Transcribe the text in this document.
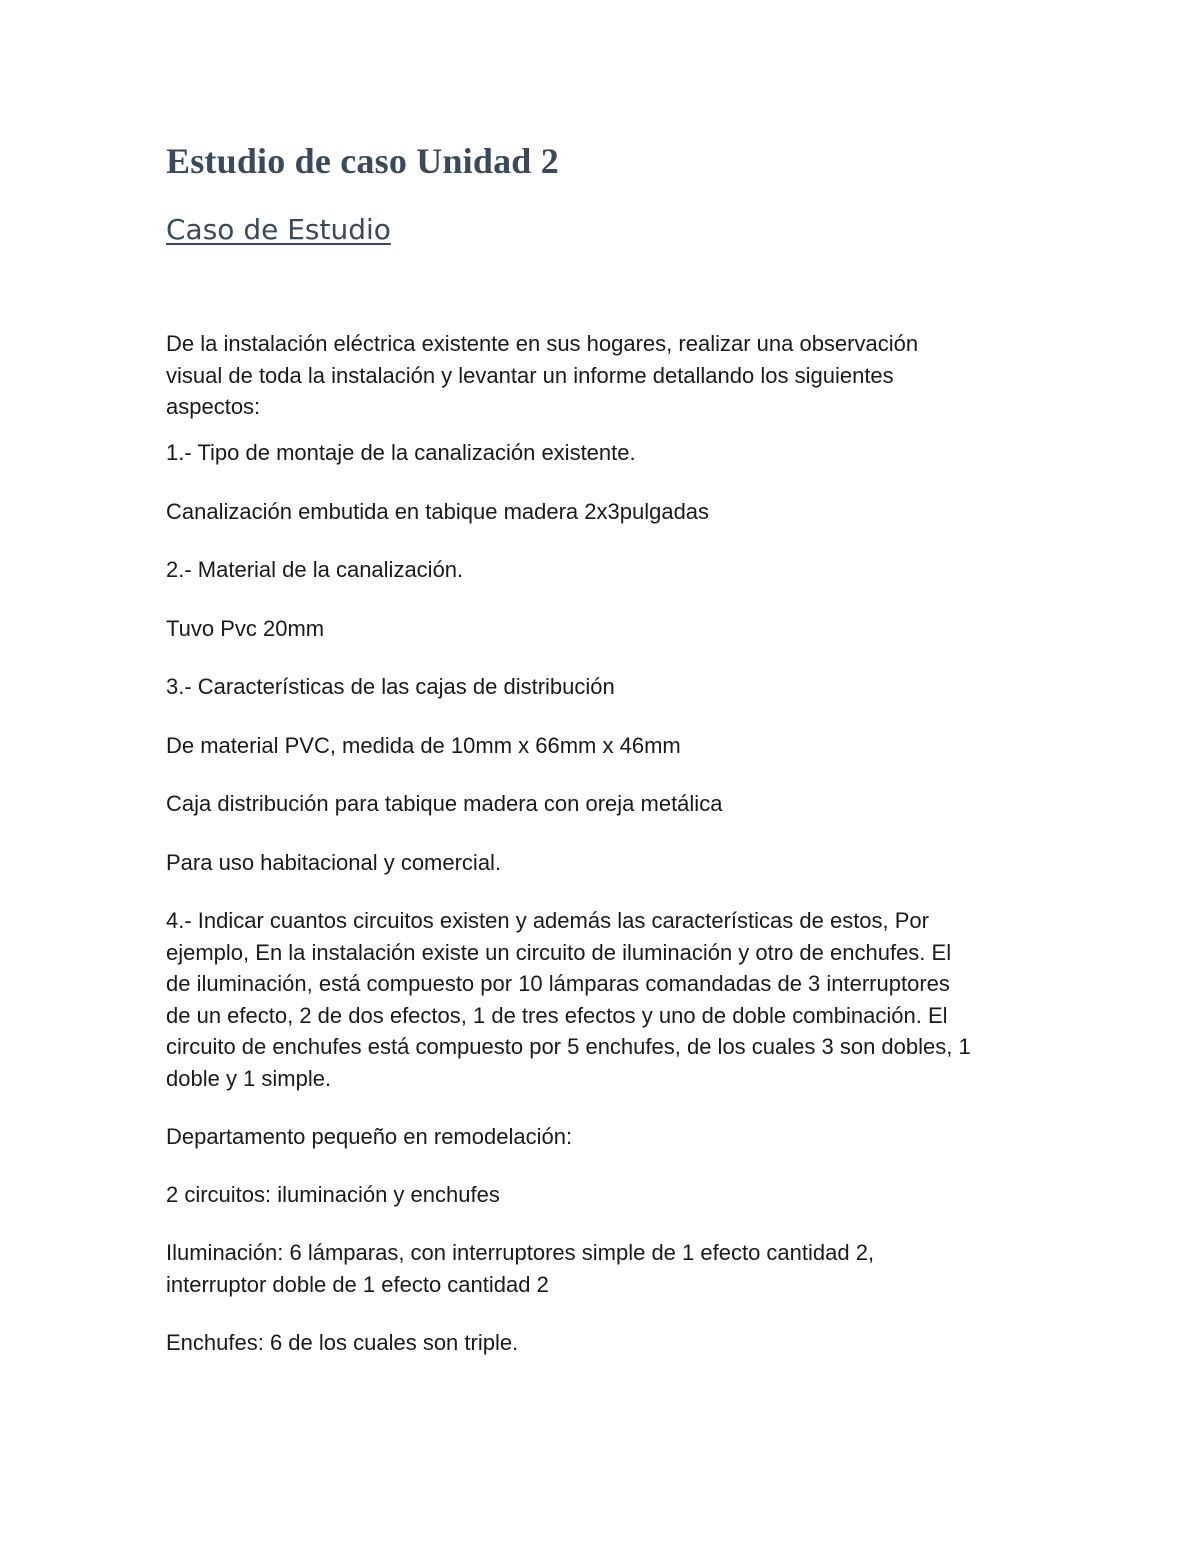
Estudio de caso Unidad 2
Caso de Estudio

De la instalación eléctrica existente en sus hogares, realizar una observación
visual de toda la instalación y levantar un informe detallando los siguientes
aspectos:

1.- Tipo de montaje de la canalización existente.

Canalización embutida en tabique madera 2x3pulgadas

2.- Material de la canalización.

Tuvo Pvc 20mm

3.- Características de las cajas de distribución

De material PVC, medida de 10mm x 66mm x 46mm

Caja distribución para tabique madera con oreja metálica

Para uso habitacional y comercial.

4.- Indicar cuantos circuitos existen y además las características de estos, Por
ejemplo, En la instalación existe un circuito de iluminación y otro de enchufes. El
de iluminación, está compuesto por 10 lámparas comandadas de 3 interruptores
de un efecto, 2 de dos efectos, 1 de tres efectos y uno de doble combinación. El
circuito de enchufes está compuesto por 5 enchufes, de los cuales 3 son dobles, 1
doble y 1 simple.

Departamento pequeño en remodelación:

2 circuitos: iluminación y enchufes

Iluminación: 6 lámparas, con interruptores simple de 1 efecto cantidad 2,
interruptor doble de 1 efecto cantidad 2

Enchufes: 6 de los cuales son triple.
